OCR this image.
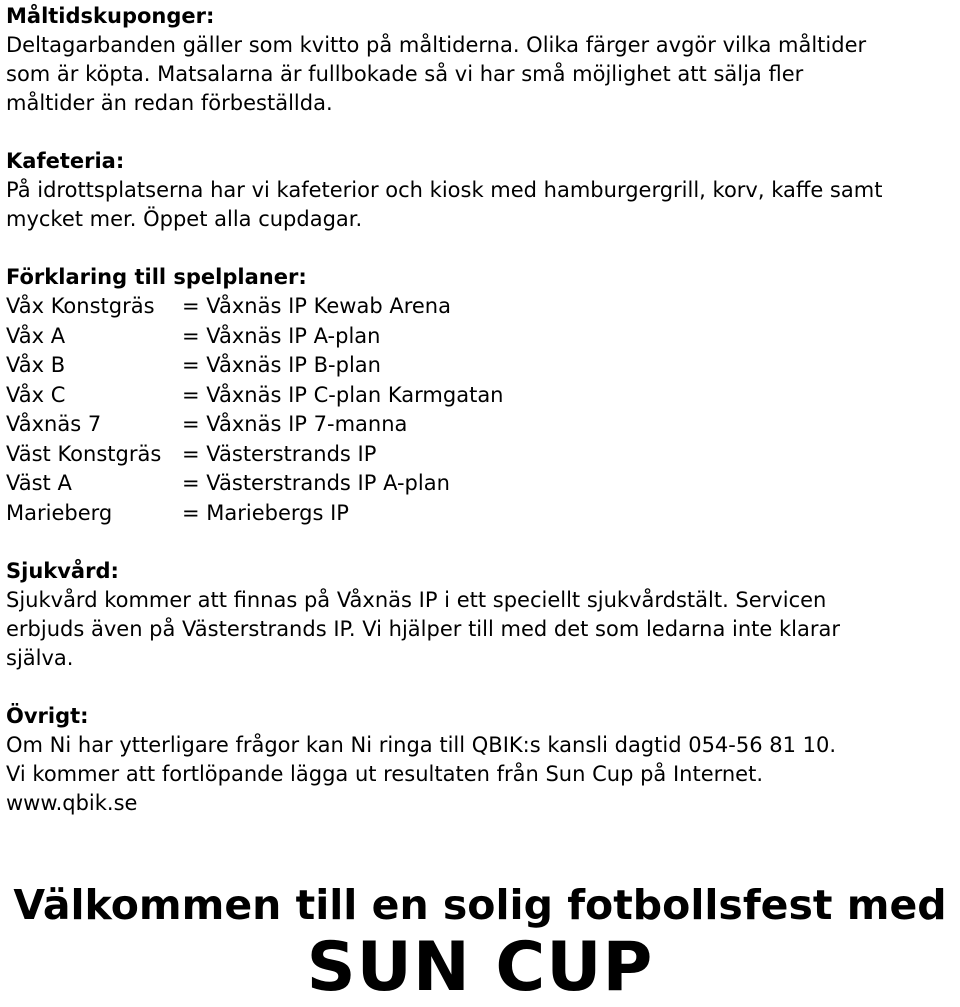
Måltidskuponger:

Deltagarbanden gäller som kvitto på måltiderna. Olika färger avgör vilka måltider

som är köpta. Matsalarna är fullbokade så vi har små möjlighet att sälja fler

måltider än redan förbeställda.

Kafeteria:

På idrottsplatserna har vi kafeterior och kiosk med hamburgergrill, korv, kaffe samt

mycket mer. Öppet alla cupdagar.

Förklaring till spelplaner:
Våx Konstgräs	= Våxnäs IP Kewab Arena
Våx A	= Våxnäs IP A-plan
Våx B	= Våxnäs IP B-plan
Våx C	= Våxnäs IP C-plan Karmgatan
Våxnäs 7	= Våxnäs IP 7-manna
Väst Konstgräs = Västerstrands IP
Väst A	= Västerstrands IP A-plan
Marieberg	= Mariebergs IP
Sjukvård:

Sjukvård kommer att finnas på Våxnäs IP i ett speciellt sjukvårdstält. Servicen

erbjuds även på Västerstrands IP. Vi hjälper till med det som ledarna inte klarar

själva.

Övrigt:

Om Ni har ytterligare frågor kan Ni ringa till QBIK:s kansli dagtid 054-56 81 10.

Vi kommer att fortlöpande lägga ut resultaten från Sun Cup på Internet.

www.qbik.se

Välkommen till en solig fotbollsfest med
SUN CUP
